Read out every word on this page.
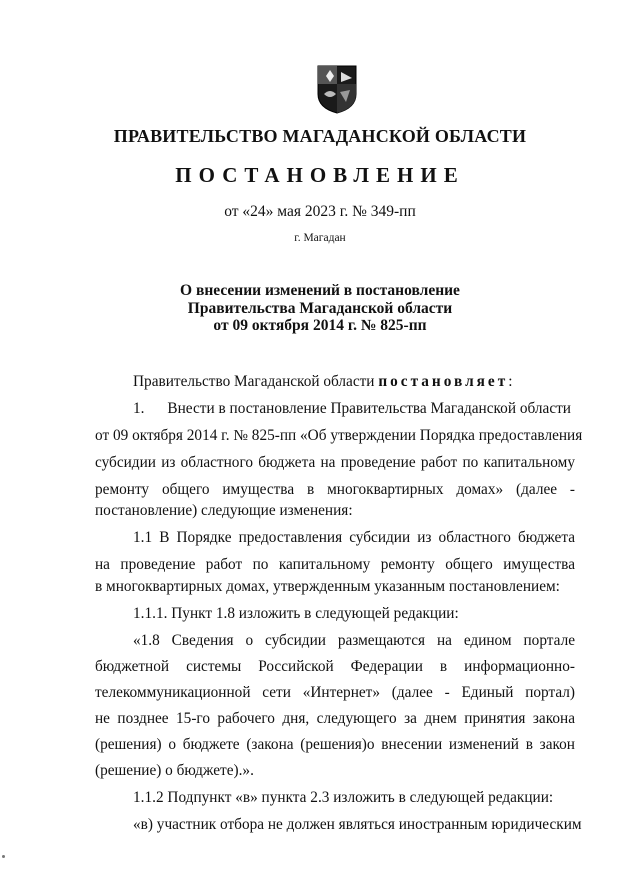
ПРАВИТЕЛЬСТВО МАГАДАНСКОЙ ОБЛАСТИ
ПОСТАНОВЛЕНИЕ
от «24» мая 2023 г. № 349-пп
г. Магадан
О внесении изменений в постановление
Правительства Магаданской области
от 09 октября 2014 г. № 825-пп
Правительство Магаданской области постановляет:
1.      Внести в постановление Правительства Магаданской области
от 09 октября 2014 г. № 825-пп «Об утверждении Порядка предоставления
субсидии из областного бюджета на проведение работ по капитальному
ремонту общего имущества в многоквартирных домах» (далее -
постановление) следующие изменения:
1.1 В Порядке предоставления субсидии из областного бюджета
на проведение работ по капитальному ремонту общего имущества
в многоквартирных домах, утвержденным указанным постановлением:
1.1.1. Пункт 1.8 изложить в следующей редакции:
«1.8 Сведения о субсидии размещаются на едином портале
бюджетной системы Российской Федерации в информационно-
телекоммуникационной сети «Интернет» (далее - Единый портал)
не позднее 15-го рабочего дня, следующего за днем принятия закона
(решения) о бюджете (закона (решения)о внесении изменений в закон
(решение) о бюджете).».
1.1.2 Подпункт «в» пункта 2.3 изложить в следующей редакции:
«в) участник отбора не должен являться иностранным юридическим
